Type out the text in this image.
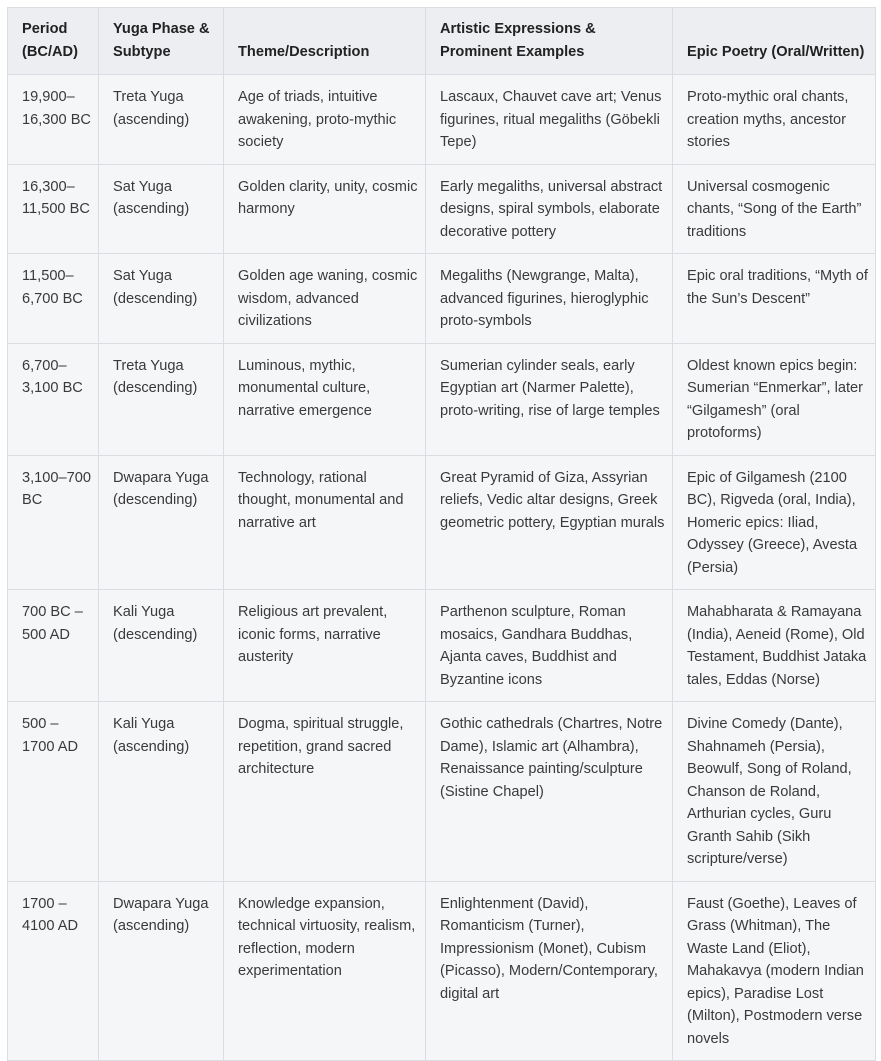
Period (BC/AD)	Yuga Phase & Subtype	Theme/Description	Artistic Expressions & Prominent Examples	Epic Poetry (Oral/Written)
19,900–16,300 BC	Treta Yuga (ascending)	Age of triads, intuitive awakening, proto-mythic society	Lascaux, Chauvet cave art; Venus figurines, ritual megaliths (Göbekli Tepe)	Proto-mythic oral chants, creation myths, ancestor stories
16,300–11,500 BC	Sat Yuga (ascending)	Golden clarity, unity, cosmic harmony	Early megaliths, universal abstract designs, spiral symbols, elaborate decorative pottery	Universal cosmogenic chants, “Song of the Earth” traditions
11,500–6,700 BC	Sat Yuga (descending)	Golden age waning, cosmic wisdom, advanced civilizations	Megaliths (Newgrange, Malta), advanced figurines, hieroglyphic proto-symbols	Epic oral traditions, “Myth of the Sun’s Descent”
6,700–3,100 BC	Treta Yuga (descending)	Luminous, mythic, monumental culture, narrative emergence	Sumerian cylinder seals, early Egyptian art (Narmer Palette), proto-writing, rise of large temples	Oldest known epics begin: Sumerian “Enmerkar”, later “Gilgamesh” (oral protoforms)
3,100–700 BC	Dwapara Yuga (descending)	Technology, rational thought, monumental and narrative art	Great Pyramid of Giza, Assyrian reliefs, Vedic altar designs, Greek geometric pottery, Egyptian murals	Epic of Gilgamesh (2100 BC), Rigveda (oral, India), Homeric epics: Iliad, Odyssey (Greece), Avesta (Persia)
700 BC – 500 AD	Kali Yuga (descending)	Religious art prevalent, iconic forms, narrative austerity	Parthenon sculpture, Roman mosaics, Gandhara Buddhas, Ajanta caves, Buddhist and Byzantine icons	Mahabharata & Ramayana (India), Aeneid (Rome), Old Testament, Buddhist Jataka tales, Eddas (Norse)
500 – 1700 AD	Kali Yuga (ascending)	Dogma, spiritual struggle, repetition, grand sacred architecture	Gothic cathedrals (Chartres, Notre Dame), Islamic art (Alhambra), Renaissance painting/sculpture (Sistine Chapel)	Divine Comedy (Dante), Shahnameh (Persia), Beowulf, Song of Roland, Chanson de Roland, Arthurian cycles, Guru Granth Sahib (Sikh scripture/verse)
1700 – 4100 AD	Dwapara Yuga (ascending)	Knowledge expansion, technical virtuosity, realism, reflection, modern experimentation	Enlightenment (David), Romanticism (Turner), Impressionism (Monet), Cubism (Picasso), Modern/Contemporary, digital art	Faust (Goethe), Leaves of Grass (Whitman), The Waste Land (Eliot), Mahakavya (modern Indian epics), Paradise Lost (Milton), Postmodern verse novels
